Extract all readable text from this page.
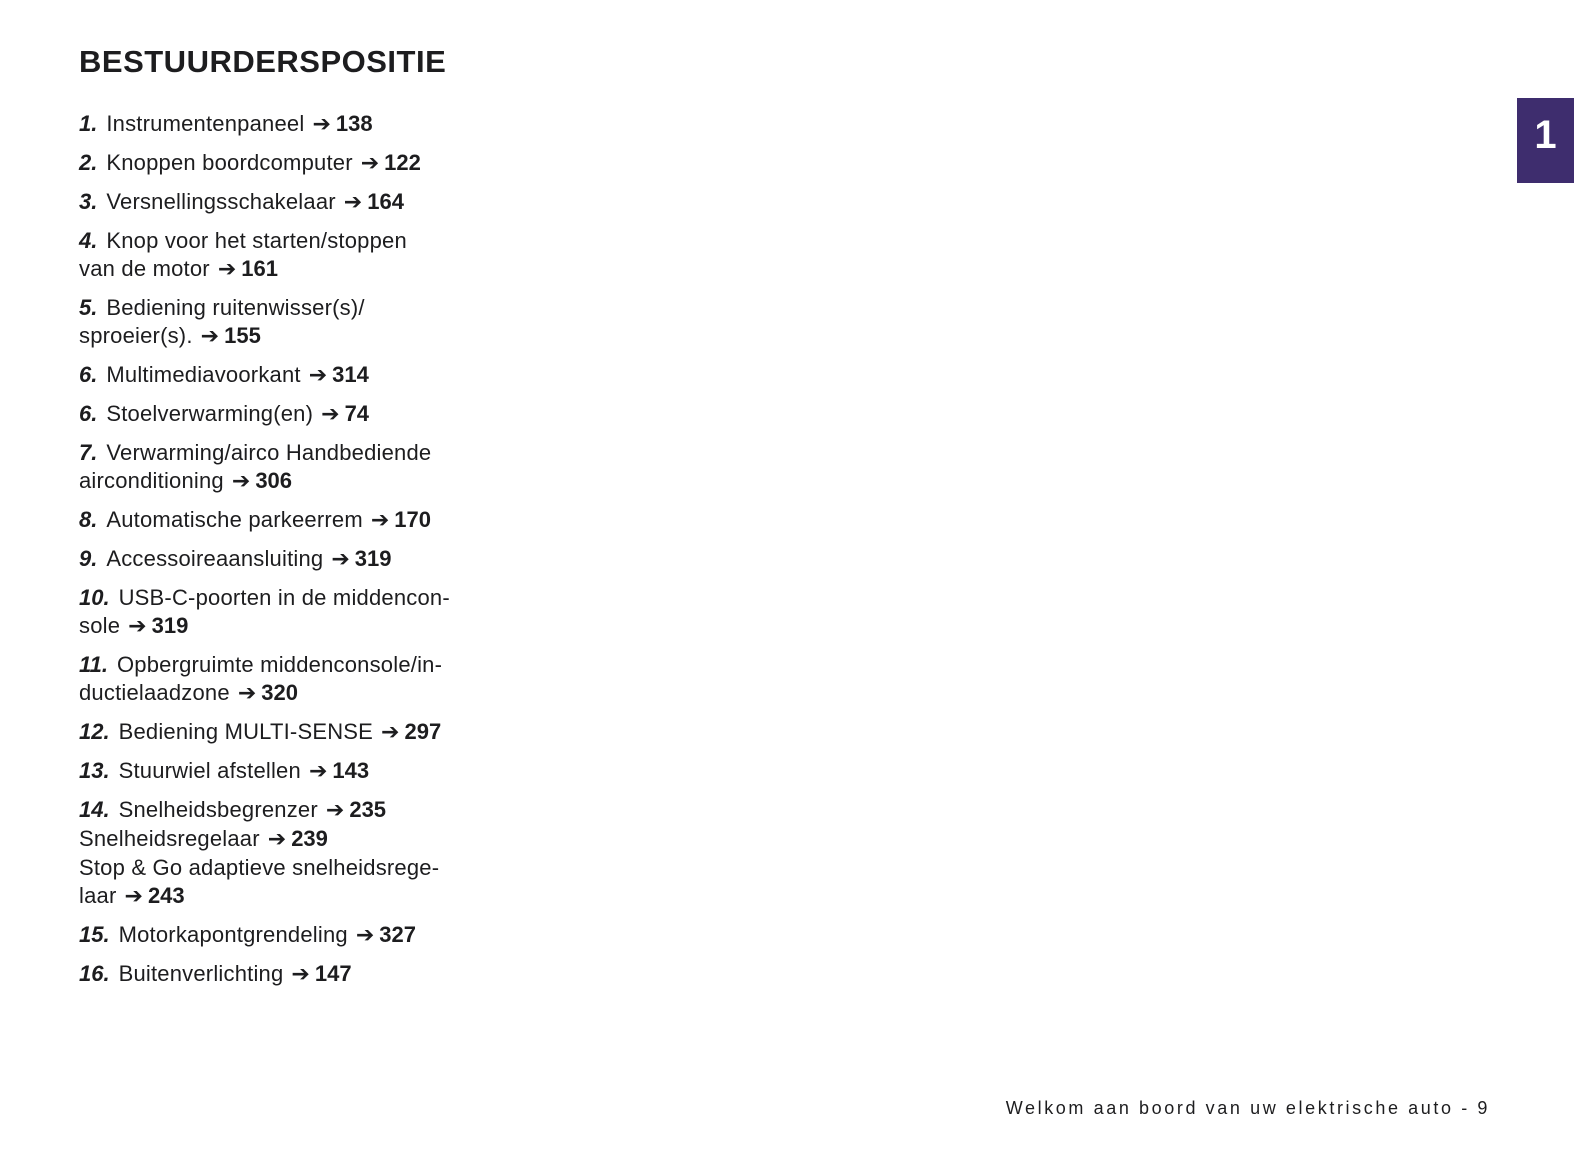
BESTUURDERSPOSITIE
1. Instrumentenpaneel ➔ 138
2. Knoppen boordcomputer ➔ 122
3. Versnellingsschakelaar ➔ 164
4. Knop voor het starten/stoppen
van de motor ➔ 161
5. Bediening ruitenwisser(s)/
sproeier(s). ➔ 155
6. Multimediavoorkant ➔ 314
6. Stoelverwarming(en) ➔ 74
7. Verwarming/airco Handbediende
airconditioning ➔ 306
8. Automatische parkeerrem ➔ 170
9. Accessoireaansluiting ➔ 319
10. USB-C-poorten in de middencon-
sole ➔ 319
11. Opbergruimte middenconsole/in-
ductielaadzone ➔ 320
12. Bediening MULTI-SENSE ➔ 297
13. Stuurwiel afstellen ➔ 143
14. Snelheidsbegrenzer ➔ 235
Snelheidsregelaar ➔ 239
Stop & Go adaptieve snelheidsrege-
laar ➔ 243
15. Motorkapontgrendeling ➔ 327
16. Buitenverlichting ➔ 147
1
Welkom aan boord van uw elektrische auto - 9
